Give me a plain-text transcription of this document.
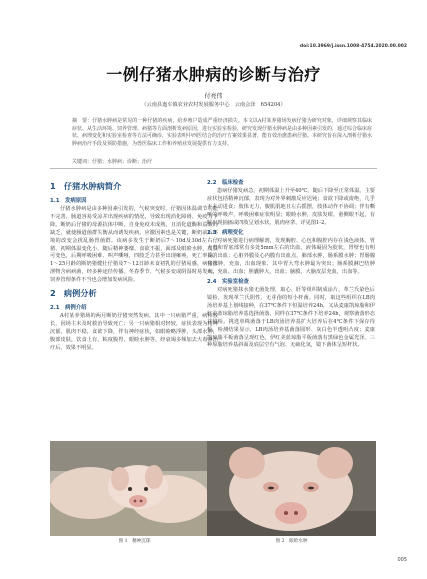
doi:10.3969/j.issn.1008-4754.2020.00.002
一例仔猪水肿病的诊断与治疗
付亮伟
（云南县迤车镇农业农村发展服务中心　云南会泽　654204）
摘　要：仔猪水肿病是常见的一种仔猪的疾病，给养殖户造成严重经济损失。本文以A村某养猪场发病仔猪为研究对象，详细观察其临床症状、从生活环境、饲养管理、病猪等方面剖析发病原因，进行实验室检验，研究发现仔猪水肿病是由多种因素引发的，通过综合临床症状、病理变化和实验室检查等方法可确诊，实验表明中西医结合的治疗方案效果显著，能有效治愈患病仔猪。本研究旨在深入剖析仔猪水肿病治疗手段及预防措施，为兽医临床工作和养殖业发展提供有力支持。
关键词：仔猪；水肿病；诊断；治疗
1　仔猪水肿病简介
1.1　发病原因

仔猪水肿病是由多种因素引发的，气候突变时，仔猪因体温调节功能不完善，肠道容易受凉并出现疾病的情况，导致出现消化障碍、免疫力下降。断奶后仔猪的母源抗体中断，自身免疫未成熟，且消化道酶和益酸的缺乏，就使肠道菌群失衡从而诱发疾病。应激因素也是关键，断奶前后环境的改变会扰乱肠胃菌群。该病多发生于断奶后7～10d及30d左右仔猪，初期体温变化小，随后精神萎靡、食欲不振、面部及眼睑水肿，皮肤可变色，后期呼吸困难、叫声嘶哑，四肢乏力甚至出现瘫痪，死亡率高。1～25月龄的断奶猪健壮仔猪及7～12日龄未食初乳的仔猪易感，病猪排泄物含病病菌，经多种途径传播。冬春季节、气候多变或阴湿时易发病，饲养管理条件不当也会增加发病风险。

2　病例分析
2.1　病例介绍

A村某养猪场的两月断奶仔猪突然发病，其中一只病猪严重，病程较长，因场主未及时救治导致死亡；另一只病猪相对轻较，症状表现为精神沉郁，肌肉不稳，食欲下降，伴有神经症状，如眼睑略浮肿，头部水肿，腹部皮肤，饮食上有，粘度腹胃，眼睑水肿等。经衰竭多频加去大毒素治疗后，效果不明显。

2.2　临床检查

患病仔猪发病急，初期体温上升至40℃，随后下降至正常体温。主要症状包括精神沉郁，表现为对外界刺激反应迟钝；食欲下降或废绝，几乎不主动进食；肢体无力，腹肌肌地且左右摇摆，肢体动作不协调；伴有嘶哑的呼吸声，呼吸困难症状明显；眼睑水肿，皮肤发绀，童侧眼不起，有时出现抽搐或四肢呈划水状，肌肉痉挛，详见图1-2。

2.3　病理变化

对病死猪进行病理解剖，发现胸腔、心包和腹腔内存在浅色液体，胃大弯和胃底部常有多处5mm左右的出血，液体凝固为胶状，胃壁也有明显的出血；心脏外膜及心内膜有出血点，肺部水肿，肠系膜水肿；胃肠腺有水肿，充血，出血现象，其中胃大弯水肿最为突出；肠系膜淋巴结肿大、充血、出血；胆囊肿大，出血；脑膜、大脑皮层充血，出血等。

2.4　实验室检查

对病死猪抹水猪无菌处理，取心、肝等组织制成涂片，革兰氏染色后镜检，发现革兰氏阴性、无芽孢的短小杆菌。同时，取这些组织在LB肉汤培养基上划线接种，在37℃条件下恒温培养24h，又从麦康凯琼脂和伊红美蓝琼脂培养基选择菌落，同样在37℃条件下培养24h，观察菌落形态并镜检。挑选单株菌落于LB肉汤培养基扩大培养后在4℃条件下保存待检。检测结果显示，LB肉汤培养基菌落圆形、灰白色半透明凸度；麦康凯琼脂平板菌落呈现红色，伊红美蓝琼脂平板菌落有黑绿色金属光泽。三种琼脂培养基斜面及底层空有气泡、无硫化氢，镜下菌体呈短杆状。

图 1　精神沉郁	图 2　眼睑水肿
005
